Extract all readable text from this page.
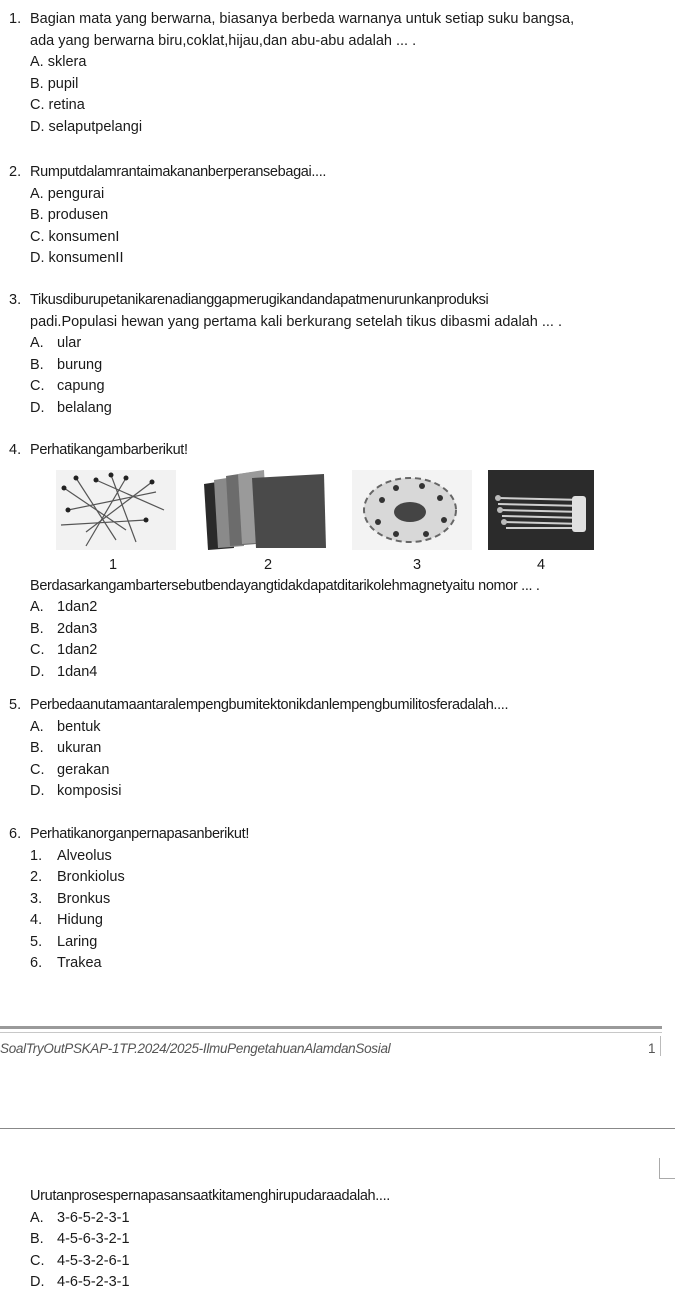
1. Bagian mata yang berwarna, biasanya berbeda warnanya untuk setiap suku bangsa,
ada yang berwarna biru,coklat,hijau,dan abu-abu adalah ... .
A. sklera
B. pupil
C. retina
D. selaputpelangi
2. Rumputdalamrantaimakananberperansebagai....
A. pengurai
B. produsen
C. konsumenI
D. konsumenII
3. Tikusdiburupetanikarenadianggapmerugikandandapatmenurunkanproduksi
padi.Populasi hewan yang pertama kali berkurang setelah tikus dibasmi adalah ... .
A. ular
B. burung
C. capung
D. belalang
4. Perhatikangambarberikut!
1	2	3	4
Berdasarkangambartersebutbendayangtidakdapatditarikolehmagnetyaitu nomor ... .
A. 1dan2
B. 2dan3
C. 1dan2
D. 1dan4
5. Perbedaanutamaantaralempengbumitektonikdanlempengbumilitosferadalah....
A. bentuk
B. ukuran
C. gerakan
D. komposisi
6. Perhatikanorganpernapasanberikut!
1. Alveolus
2. Bronkiolus
3. Bronkus
4. Hidung
5. Laring
6. Trakea
SoalTryOutPSKAP-1TP.2024/2025-IlmuPengetahuanAlamdanSosial	1
Urutanprosespernapasansaatkitamenghirupudaraadalah....
A. 3-6-5-2-3-1
B. 4-5-6-3-2-1
C. 4-5-3-2-6-1
D. 4-6-5-2-3-1
